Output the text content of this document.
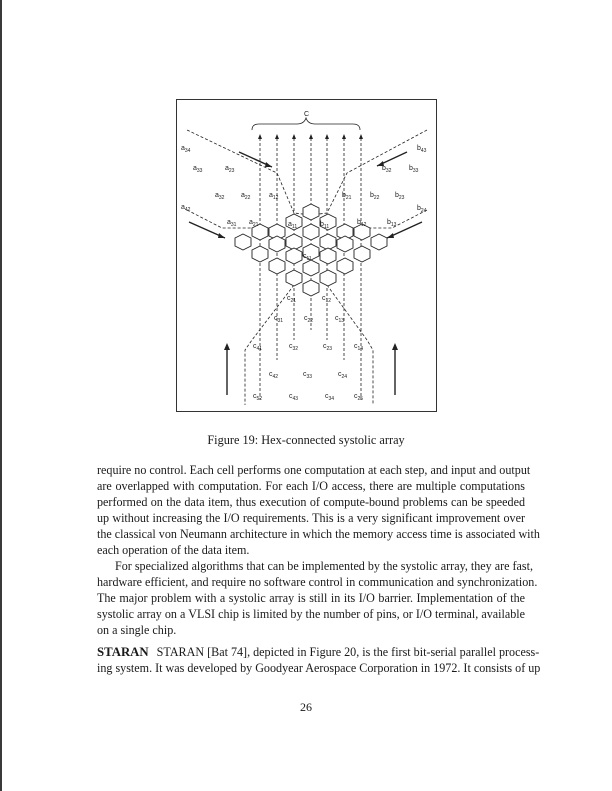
C
$a_{34}$
$a_{33}$	$a_{23}$
$a_{32}$ $a_{22}$	$a_{12}$
$a_{42}$
$a_{31}$ $a_{21}$	$a_{11}$
$b_{43}$
$b_{32}$	$b_{33}$
$b_{21}$	$b_{22}$ $b_{23}$
$b_{24}$
$b_{11}$
$b_{12}$	$b_{13}$
$c_{11}$
$c_{21}$	$c_{12}$
$c_{31}$	$c_{22}$	$c_{13}$
$c_{41}$	$c_{32}$	$c_{23}$	$c_{14}$
$c_{42}$	$c_{33}$	$c_{24}$
$c_{52}$	$c_{43}$	$c_{34}$	$c_{25}$
Figure 19: Hex-connected systolic array
require no control. Each cell performs one computation at each step, and input and output
are overlapped with computation. For each I/O access, there are multiple computations
performed on the data item, thus execution of compute-bound problems can be speeded
up without increasing the I/O requirements. This is a very significant improvement over
the classical von Neumann architecture in which the memory access time is associated with
each operation of the data item.
For specialized algorithms that can be implemented by the systolic array, they are fast,
hardware efficient, and require no software control in communication and synchronization.
The major problem with a systolic array is still in its I/O barrier. Implementation of the
systolic array on a VLSI chip is limited by the number of pins, or I/O terminal, available
on a single chip.
STARAN STARAN [Bat 74], depicted in Figure 20, is the first bit-serial parallel process-
ing system. It was developed by Goodyear Aerospace Corporation in 1972. It consists of up
26
